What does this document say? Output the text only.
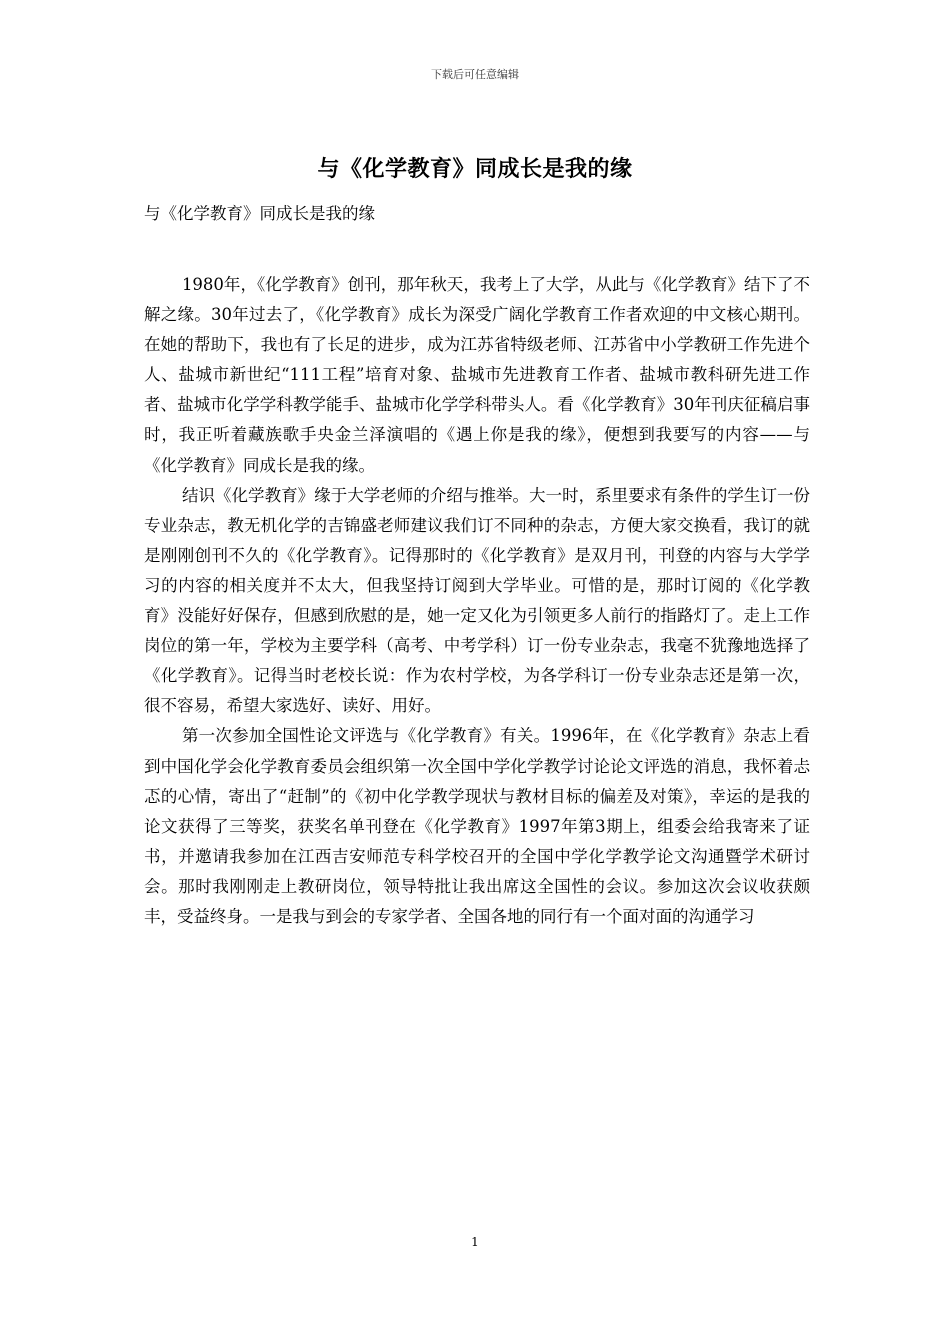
下载后可任意编辑
与《化学教育》同成长是我的缘
与《化学教育》同成长是我的缘

1980年，《化学教育》创刊，那年秋天，我考上了大学，从此与《化学教育》结下了不解之缘。30年过去了，《化学教育》成长为深受广阔化学教育工作者欢迎的中文核心期刊。在她的帮助下，我也有了长足的进步，成为江苏省特级老师、江苏省中小学教研工作先进个人、盐城市新世纪“111工程”培育对象、盐城市先进教育工作者、盐城市教科研先进工作者、盐城市化学学科教学能手、盐城市化学学科带头人。看《化学教育》30年刊庆征稿启事时，我正听着藏族歌手央金兰泽演唱的《遇上你是我的缘》，便想到我要写的内容——与《化学教育》同成长是我的缘。

结识《化学教育》缘于大学老师的介绍与推举。大一时，系里要求有条件的学生订一份专业杂志，教无机化学的吉锦盛老师建议我们订不同种的杂志，方便大家交换看，我订的就是刚刚创刊不久的《化学教育》。记得那时的《化学教育》是双月刊，刊登的内容与大学学习的内容的相关度并不太大，但我坚持订阅到大学毕业。可惜的是，那时订阅的《化学教育》没能好好保存，但感到欣慰的是，她一定又化为引领更多人前行的指路灯了。走上工作岗位的第一年，学校为主要学科（高考、中考学科）订一份专业杂志，我毫不犹豫地选择了《化学教育》。记得当时老校长说：作为农村学校，为各学科订一份专业杂志还是第一次，很不容易，希望大家选好、读好、用好。

第一次参加全国性论文评选与《化学教育》有关。1996年，在《化学教育》杂志上看到中国化学会化学教育委员会组织第一次全国中学化学教学讨论论文评选的消息，我怀着忐忑的心情，寄出了“赶制”的《初中化学教学现状与教材目标的偏差及对策》，幸运的是我的论文获得了三等奖，获奖名单刊登在《化学教育》1997年第3期上，组委会给我寄来了证书，并邀请我参加在江西吉安师范专科学校召开的全国中学化学教学论文沟通暨学术研讨会。那时我刚刚走上教研岗位，领导特批让我出席这全国性的会议。参加这次会议收获颇丰，受益终身。一是我与到会的专家学者、全国各地的同行有一个面对面的沟通学习

1
